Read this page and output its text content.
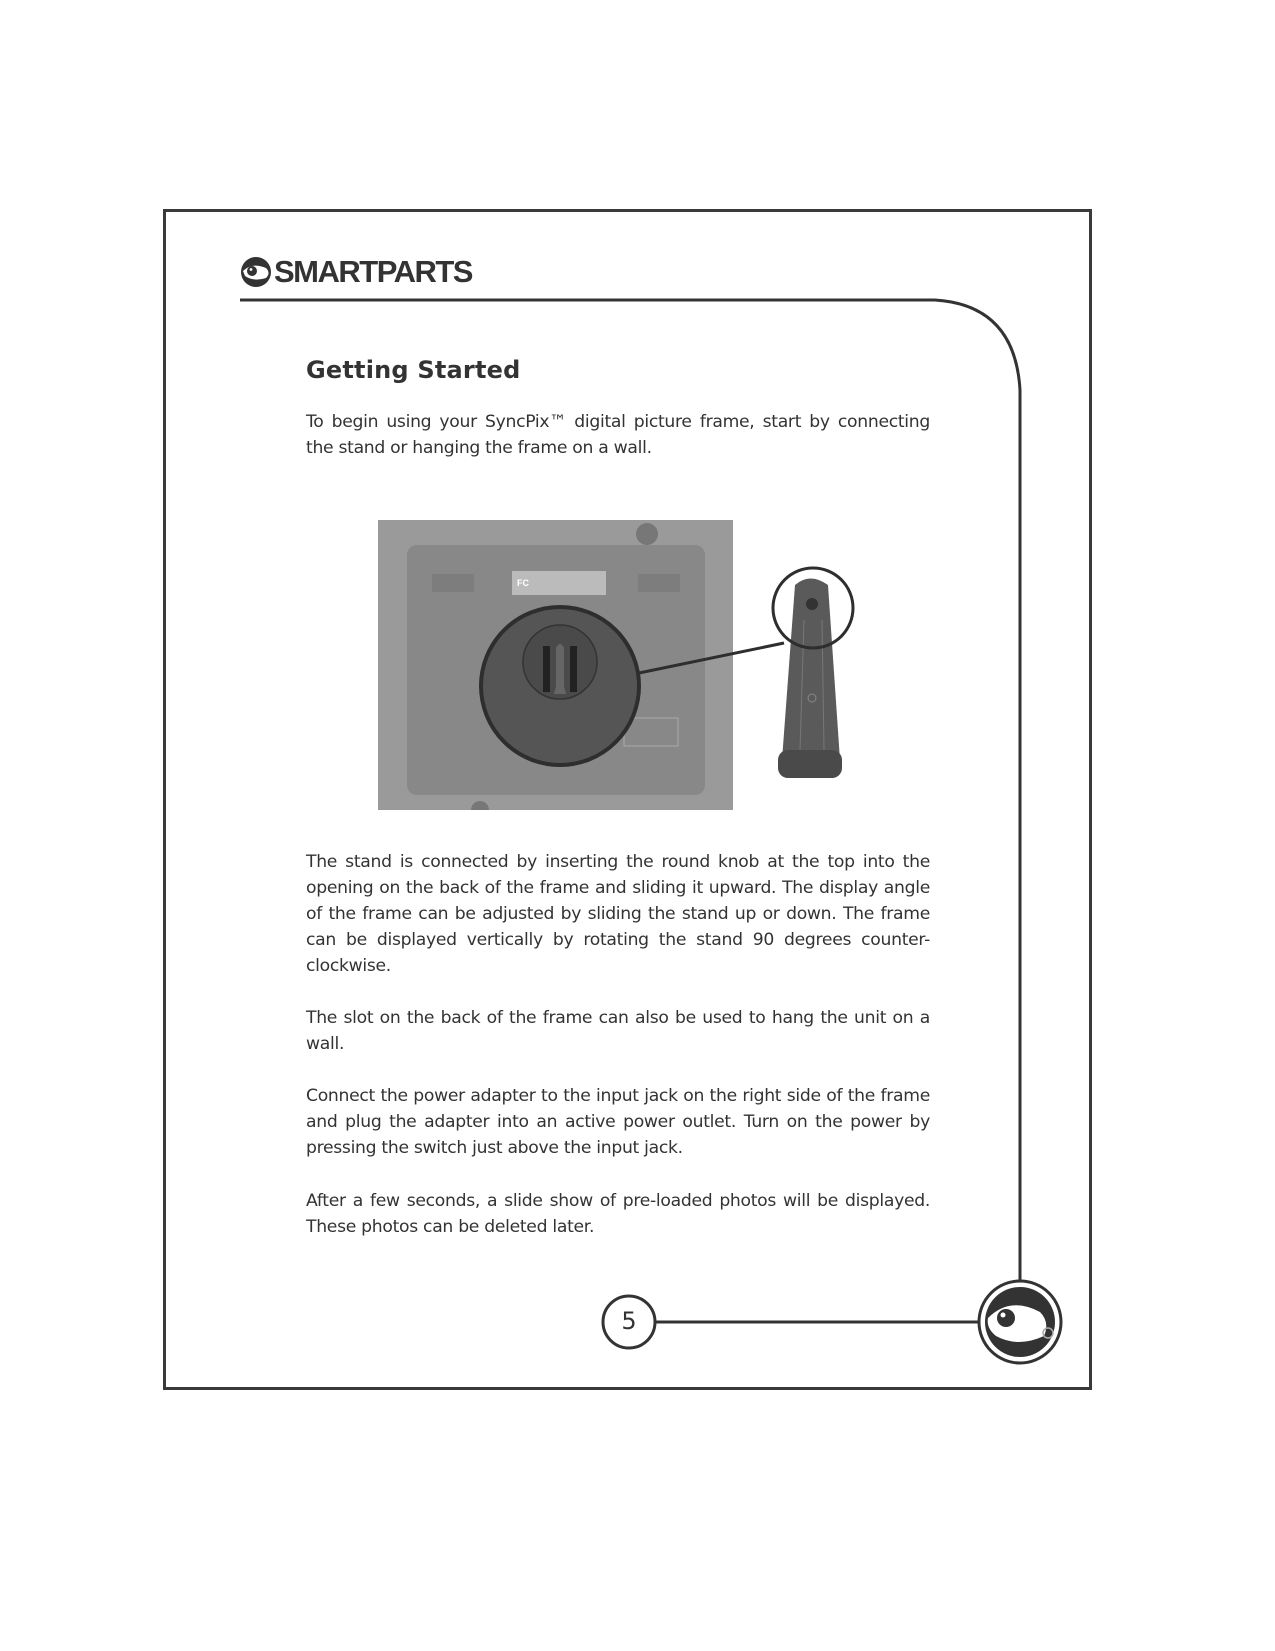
SMARTPARTS
Getting Started
To begin using your SyncPix™ digital picture frame, start by connecting the stand or hanging the frame on a wall.
FC
The stand is connected by inserting the round knob at the top into the opening on the back of the frame and sliding it upward. The display angle of the frame can be adjusted by sliding the stand up or down. The frame can be displayed vertically by rotating the stand 90 degrees counter-clockwise.
The slot on the back of the frame can also be used to hang the unit on a wall.
Connect the power adapter to the input jack on the right side of the frame and plug the adapter into an active power outlet. Turn on the power by pressing the switch just above the input jack.
After a few seconds, a slide show of pre-loaded photos will be displayed. These photos can be deleted later.
5
